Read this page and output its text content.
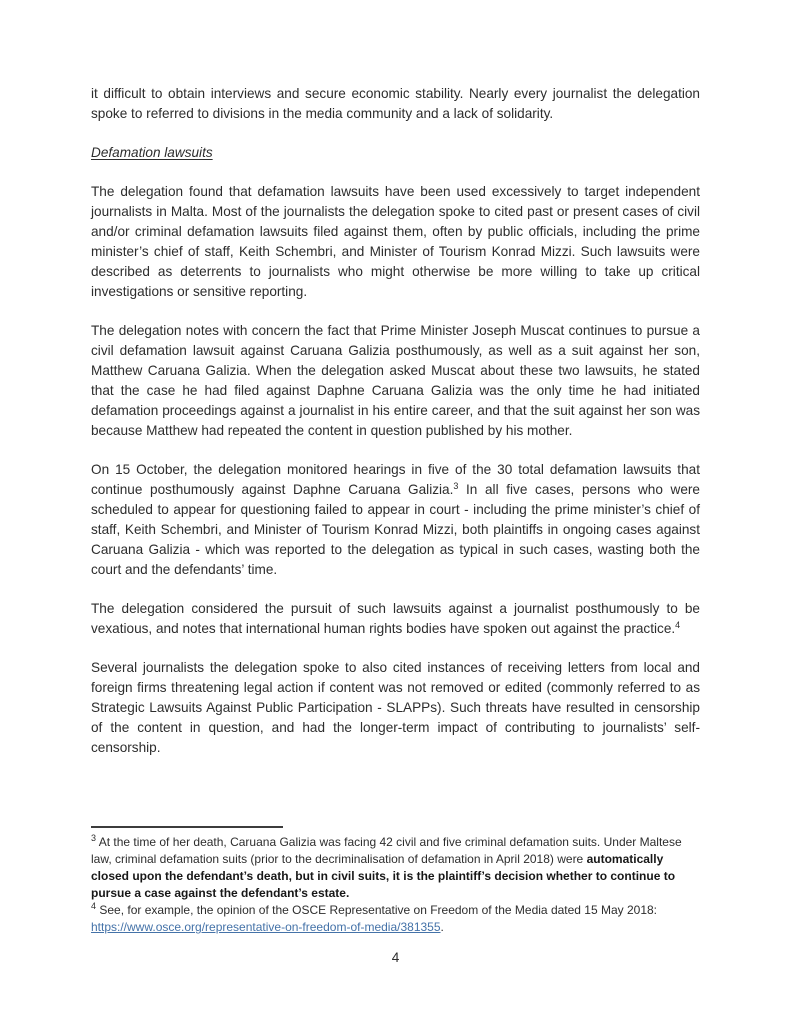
it difficult to obtain interviews and secure economic stability. Nearly every journalist the delegation spoke to referred to divisions in the media community and a lack of solidarity.

Defamation lawsuits

The delegation found that defamation lawsuits have been used excessively to target independent journalists in Malta. Most of the journalists the delegation spoke to cited past or present cases of civil and/or criminal defamation lawsuits filed against them, often by public officials, including the prime minister’s chief of staff, Keith Schembri, and Minister of Tourism Konrad Mizzi. Such lawsuits were described as deterrents to journalists who might otherwise be more willing to take up critical investigations or sensitive reporting.

The delegation notes with concern the fact that Prime Minister Joseph Muscat continues to pursue a civil defamation lawsuit against Caruana Galizia posthumously, as well as a suit against her son, Matthew Caruana Galizia. When the delegation asked Muscat about these two lawsuits, he stated that the case he had filed against Daphne Caruana Galizia was the only time he had initiated defamation proceedings against a journalist in his entire career, and that the suit against her son was because Matthew had repeated the content in question published by his mother.

On 15 October, the delegation monitored hearings in five of the 30 total defamation lawsuits that continue posthumously against Daphne Caruana Galizia.$^3$ In all five cases, persons who were scheduled to appear for questioning failed to appear in court - including the prime minister’s chief of staff, Keith Schembri, and Minister of Tourism Konrad Mizzi, both plaintiffs in ongoing cases against Caruana Galizia - which was reported to the delegation as typical in such cases, wasting both the court and the defendants’ time.

The delegation considered the pursuit of such lawsuits against a journalist posthumously to be vexatious, and notes that international human rights bodies have spoken out against the practice.$^4$

Several journalists the delegation spoke to also cited instances of receiving letters from local and foreign firms threatening legal action if content was not removed or edited (commonly referred to as Strategic Lawsuits Against Public Participation - SLAPPs). Such threats have resulted in censorship of the content in question, and had the longer-term impact of contributing to journalists’ self-censorship.

$^3$ At the time of her death, Caruana Galizia was facing 42 civil and five criminal defamation suits. Under Maltese law, criminal defamation suits (prior to the decriminalisation of defamation in April 2018) were automatically closed upon the defendant’s death, but in civil suits, it is the plaintiff’s decision whether to continue to pursue a case against the defendant’s estate.

$^4$ See, for example, the opinion of the OSCE Representative on Freedom of the Media dated 15 May 2018: https://www.osce.org/representative-on-freedom-of-media/381355.

4
